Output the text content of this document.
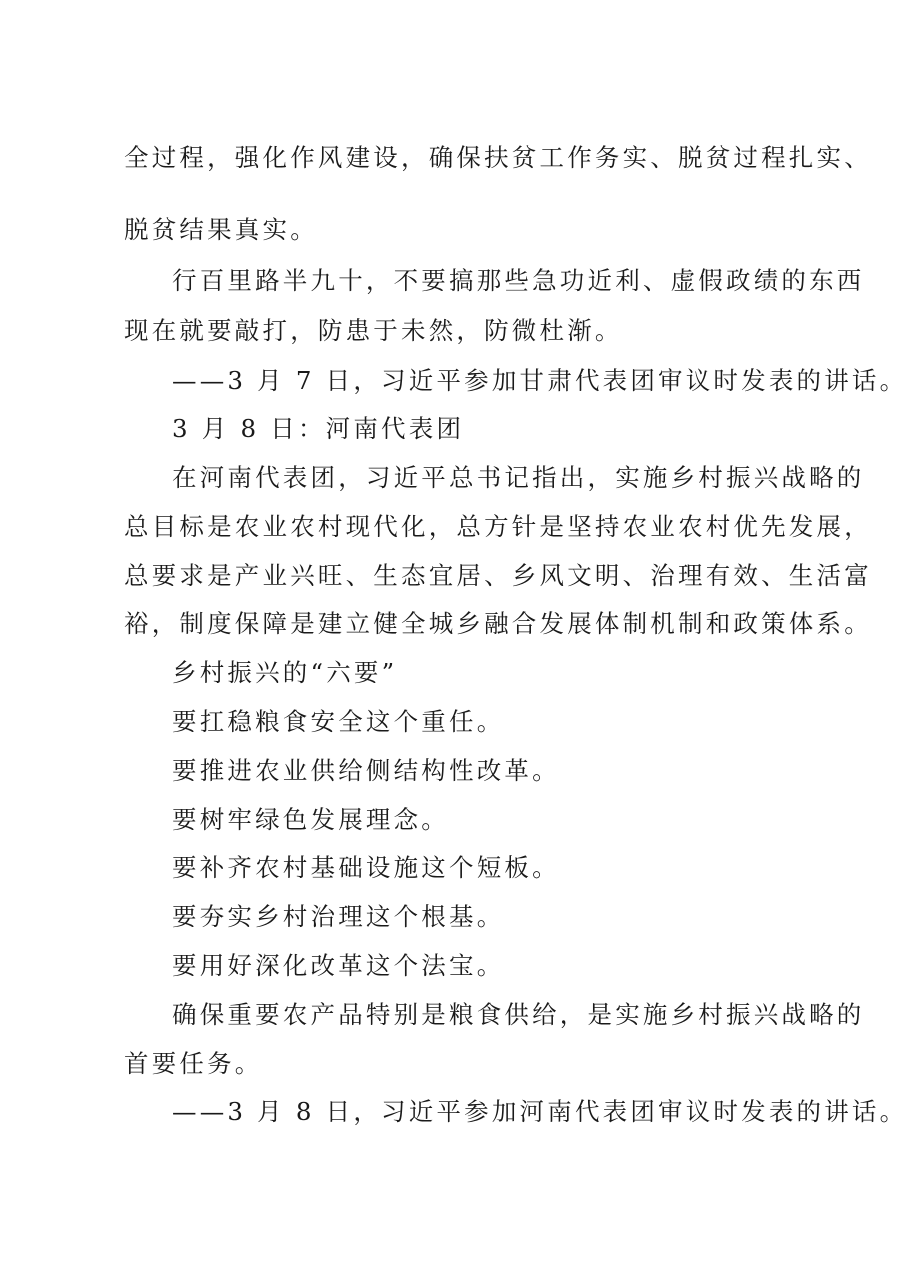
全过程，强化作风建设，确保扶贫工作务实、脱贫过程扎实、
脱贫结果真实。
行百里路半九十，不要搞那些急功近利、虚假政绩的东西
现在就要敲打，防患于未然，防微杜渐。
——3 月 7 日，习近平参加甘肃代表团审议时发表的讲话。
3 月 8 日：河南代表团
在河南代表团，习近平总书记指出，实施乡村振兴战略的
总目标是农业农村现代化，总方针是坚持农业农村优先发展，
总要求是产业兴旺、生态宜居、乡风文明、治理有效、生活富
裕，制度保障是建立健全城乡融合发展体制机制和政策体系。
乡村振兴的“六要”
要扛稳粮食安全这个重任。
要推进农业供给侧结构性改革。
要树牢绿色发展理念。
要补齐农村基础设施这个短板。
要夯实乡村治理这个根基。
要用好深化改革这个法宝。
确保重要农产品特别是粮食供给，是实施乡村振兴战略的
首要任务。
——3 月 8 日，习近平参加河南代表团审议时发表的讲话。
